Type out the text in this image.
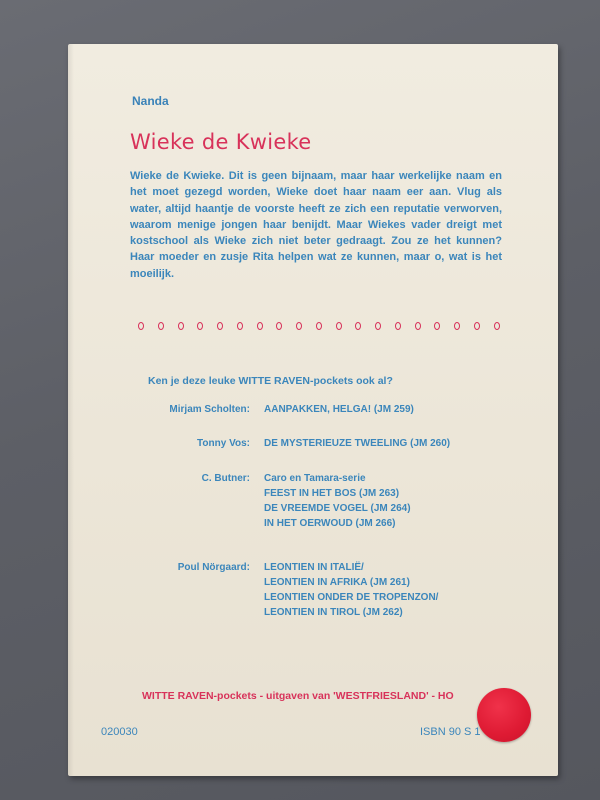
Nanda
Wieke de Kwieke
Wieke de Kwieke. Dit is geen bijnaam, maar haar werkelijke naam en het moet gezegd worden, Wieke doet haar naam eer aan. Vlug als water, altijd haantje de voorste heeft ze zich een reputatie verworven, waarom menige jongen haar benijdt. Maar Wiekes vader dreigt met kostschool als Wieke zich niet beter gedraagt. Zou ze het kunnen? Haar moeder en zusje Rita helpen wat ze kunnen, maar o, wat is het moeilijk.
Ken je deze leuke WITTE RAVEN-pockets ook al?
Mirjam Scholten: AANPAKKEN, HELGA! (JM 259)
Tonny Vos: DE MYSTERIEUZE TWEELING (JM 260)
C. Butner: Caro en Tamara-serie
FEEST IN HET BOS (JM 263)
DE VREEMDE VOGEL (JM 264)
IN HET OERWOUD (JM 266)
Poul Nörgaard: LEONTIEN IN ITALIË/
LEONTIEN IN AFRIKA (JM 261)
LEONTIEN ONDER DE TROPENZON/
LEONTIEN IN TIROL (JM 262)
WITTE RAVEN-pockets - uitgaven van 'WESTFRIESLAND' - HO
020030	ISBN 90 S 1
